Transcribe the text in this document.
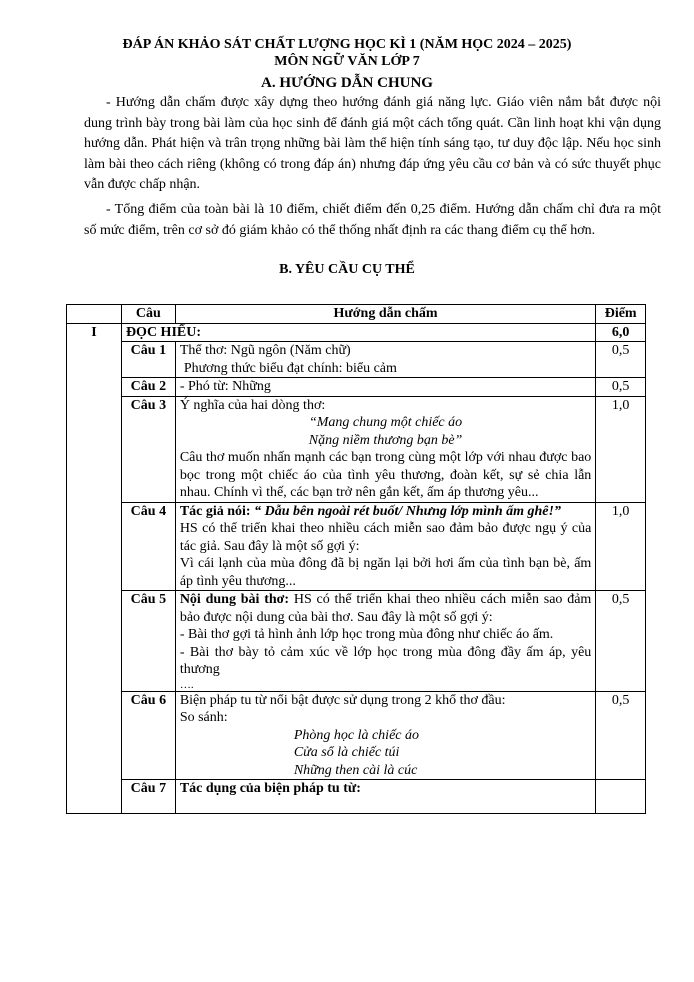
ĐÁP ÁN KHẢO SÁT CHẤT LƯỢNG HỌC KÌ 1 (NĂM HỌC 2024 – 2025)
MÔN NGỮ VĂN LỚP 7
A. HƯỚNG DẪN CHUNG
- Hướng dẫn chấm được xây dựng theo hướng đánh giá năng lực. Giáo viên nắm bắt được nội dung trình bày trong bài làm của học sinh để đánh giá một cách tổng quát. Cần linh hoạt khi vận dụng hướng dẫn. Phát hiện và trân trọng những bài làm thể hiện tính sáng tạo, tư duy độc lập. Nếu học sinh làm bài theo cách riêng (không có trong đáp án) nhưng đáp ứng yêu cầu cơ bản và có sức thuyết phục vẫn được chấp nhận.
- Tổng điểm của toàn bài là 10 điểm, chiết điểm đến 0,25 điểm. Hướng dẫn chấm chỉ đưa ra một số mức điểm, trên cơ sở đó giám khảo có thể thống nhất định ra các thang điểm cụ thể hơn.
B. YÊU CẦU CỤ THỂ
	Câu	Hướng dẫn chấm	Điểm
I	ĐỌC HIỂU:		6,0
	Câu 1	Thể thơ: Ngũ ngôn (Năm chữ)
Phương thức biểu đạt chính: biểu cảm	0,5
	Câu 2	- Phó từ: Những	0,5
	Câu 3	Ý nghĩa của hai dòng thơ:
“Mang chung một chiếc áo
Nặng niềm thương bạn bè”
Câu thơ muốn nhấn mạnh các bạn trong cùng một lớp với nhau được bao bọc trong một chiếc áo của tình yêu thương, đoàn kết, sự sẻ chia lẫn nhau. Chính vì thế, các bạn trở nên gắn kết, ấm áp thương yêu...	1,0
	Câu 4	Tác giả nói: “ Dẫu bên ngoài rét buốt/ Nhưng lớp mình ấm ghê!”
HS có thể triển khai theo nhiều cách miễn sao đảm bảo được ngụ ý của tác giả. Sau đây là một số gợi ý:
Vì cái lạnh của mùa đông đã bị ngăn lại bởi hơi ấm của tình bạn bè, ấm áp tình yêu thương...	1,0
	Câu 5	Nội dung bài thơ: HS có thể triển khai theo nhiều cách miễn sao đảm bảo được nội dung của bài thơ. Sau đây là một số gợi ý:
- Bài thơ gợi tả hình ảnh lớp học trong mùa đông như chiếc áo ấm.
- Bài thơ bày tỏ cảm xúc về lớp học trong mùa đông đầy ấm áp, yêu thương
….	0,5
	Câu 6	Biện pháp tu từ nổi bật được sử dụng trong 2 khổ thơ đầu:
So sánh:
Phòng học là chiếc áo
Cửa sổ là chiếc túi
Những then cài là cúc	0,5
	Câu 7	Tác dụng của biện pháp tu từ:	
